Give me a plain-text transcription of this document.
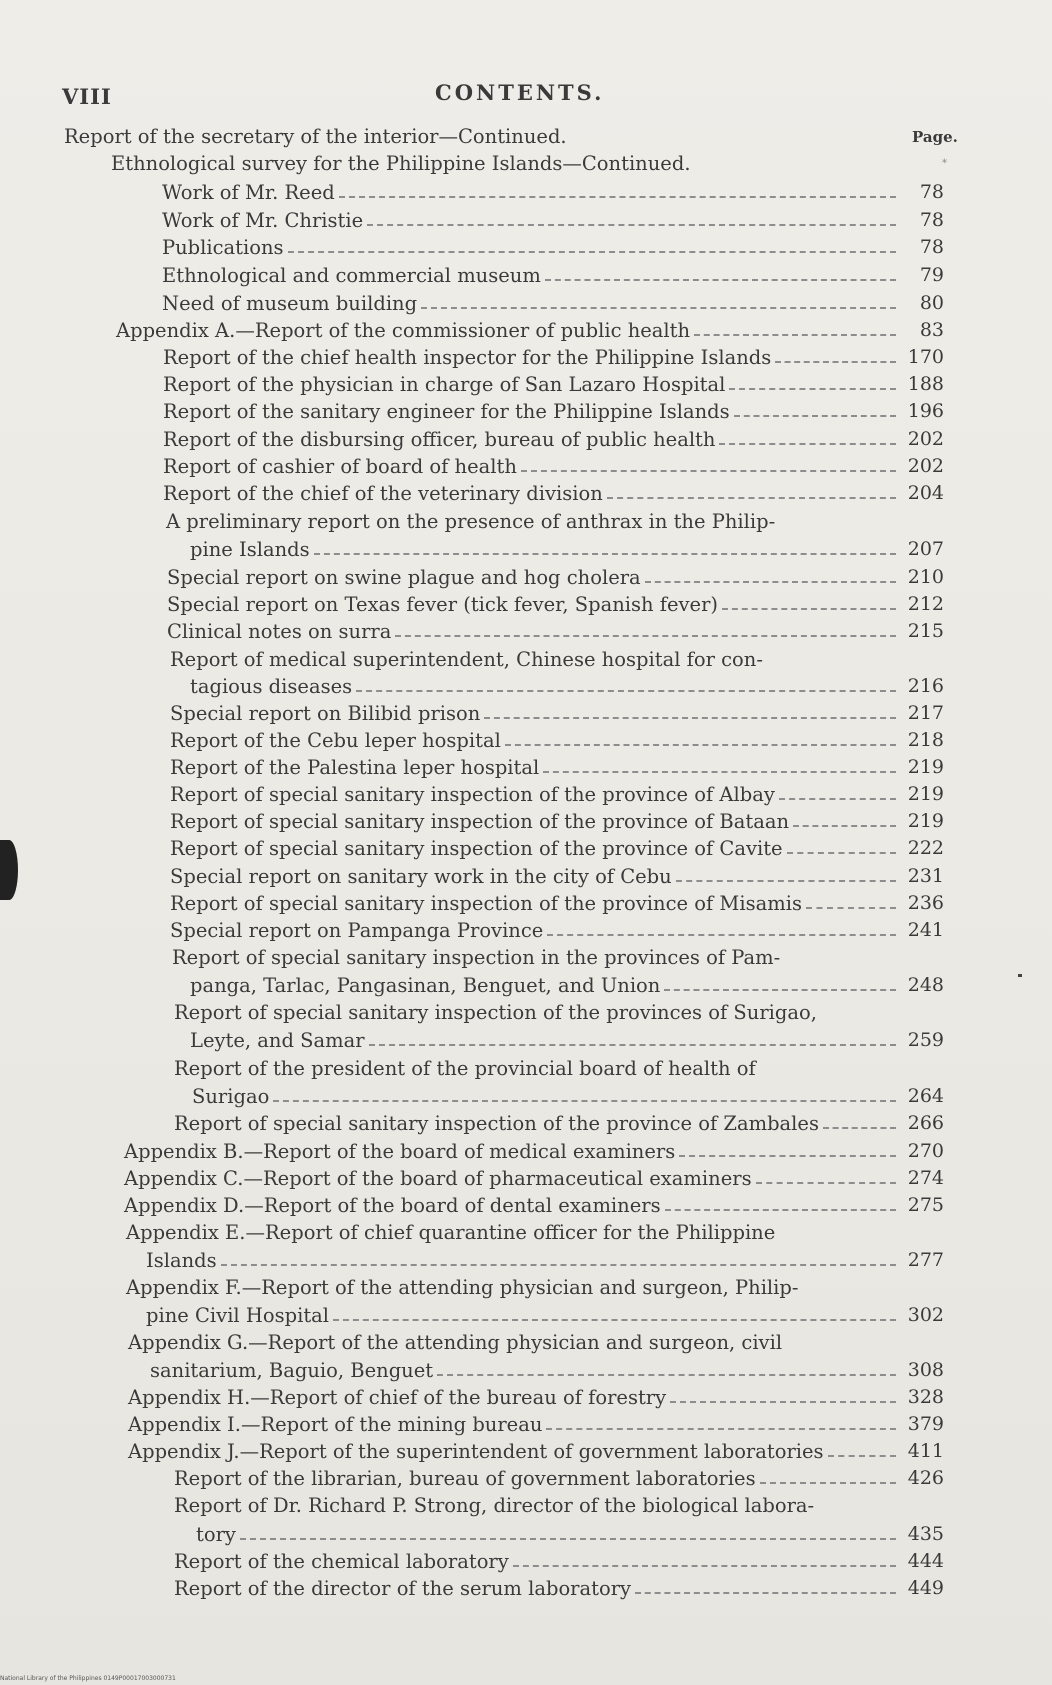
VIII	CONTENTS.
Page.
*
Report of the secretary of the interior—Continued.
Ethnological survey for the Philippine Islands—Continued.
Work of Mr. Reed	78
Work of Mr. Christie	78
Publications	78
Ethnological and commercial museum	79
Need of museum building	80
Appendix A.—Report of the commissioner of public health	83
Report of the chief health inspector for the Philippine Islands	170
Report of the physician in charge of San Lazaro Hospital	188
Report of the sanitary engineer for the Philippine Islands	196
Report of the disbursing officer, bureau of public health	202
Report of cashier of board of health	202
Report of the chief of the veterinary division	204
A preliminary report on the presence of anthrax in the Philip-
pine Islands	207
Special report on swine plague and hog cholera	210
Special report on Texas fever (tick fever, Spanish fever)	212
Clinical notes on surra	215
Report of medical superintendent, Chinese hospital for con-
tagious diseases	216
Special report on Bilibid prison	217
Report of the Cebu leper hospital	218
Report of the Palestina leper hospital	219
Report of special sanitary inspection of the province of Albay	219
Report of special sanitary inspection of the province of Bataan	219
Report of special sanitary inspection of the province of Cavite	222
Special report on sanitary work in the city of Cebu	231
Report of special sanitary inspection of the province of Misamis	236
Special report on Pampanga Province	241
Report of special sanitary inspection in the provinces of Pam-
panga, Tarlac, Pangasinan, Benguet, and Union	248
Report of special sanitary inspection of the provinces of Surigao,
Leyte, and Samar	259
Report of the president of the provincial board of health of
Surigao	264
Report of special sanitary inspection of the province of Zambales	266
Appendix B.—Report of the board of medical examiners	270
Appendix C.—Report of the board of pharmaceutical examiners	274
Appendix D.—Report of the board of dental examiners	275
Appendix E.—Report of chief quarantine officer for the Philippine
Islands	277
Appendix F.—Report of the attending physician and surgeon, Philip-
pine Civil Hospital	302
Appendix G.—Report of the attending physician and surgeon, civil
sanitarium, Baguio, Benguet	308
Appendix H.—Report of chief of the bureau of forestry	328
Appendix I.—Report of the mining bureau	379
Appendix J.—Report of the superintendent of government laboratories	411
Report of the librarian, bureau of government laboratories	426
Report of Dr. Richard P. Strong, director of the biological labora-
tory	435
Report of the chemical laboratory	444
Report of the director of the serum laboratory	449
National Library of the Philippines 0149P00017003000731
